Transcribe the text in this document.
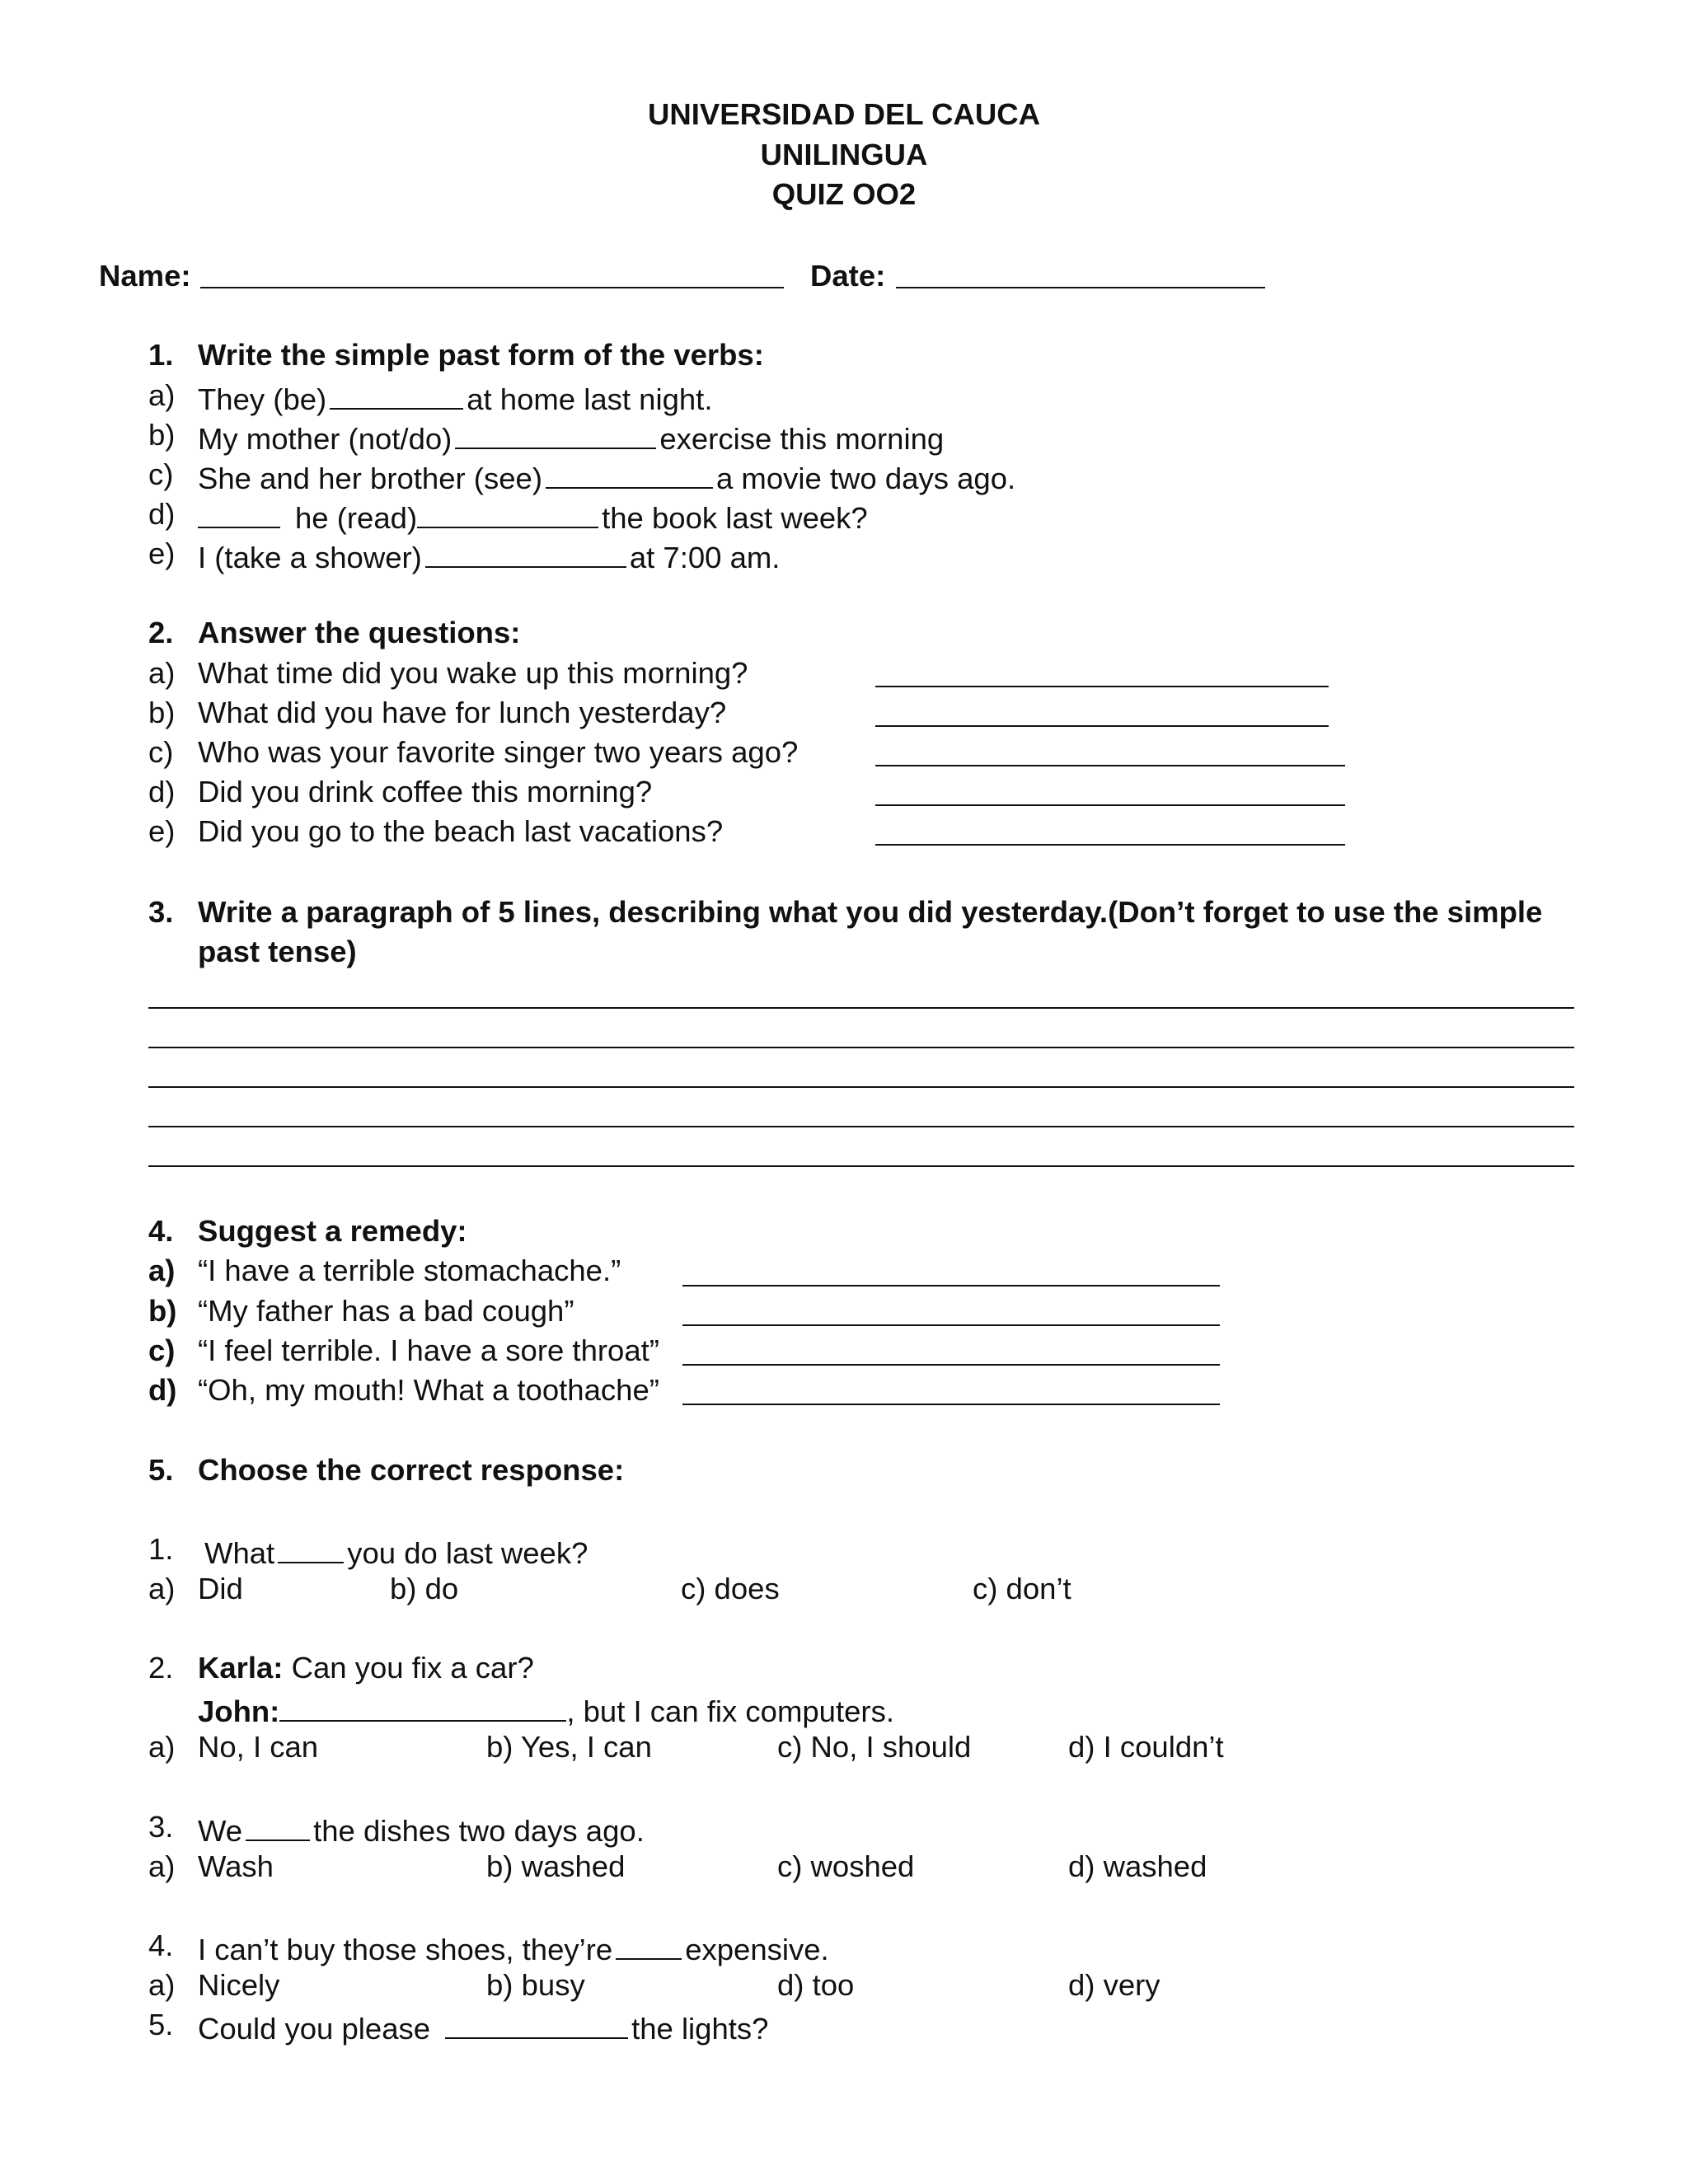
UNIVERSIDAD DEL CAUCA
UNILINGUA
QUIZ OO2
Name:	Date:
1. Write the simple past form of the verbs:
a) They (be)	at home last night.
b) My mother (not/do)	exercise this morning
c) She and her brother (see)	a movie two days ago.
d)	he (read)	the book last week?
e) I (take a shower)	at 7:00 am.
2. Answer the questions:
a) What time did you wake up this morning?
b) What did you have for lunch yesterday?
c) Who was your favorite singer two years ago?
d) Did you drink coffee this morning?
e) Did you go to the beach last vacations?
3. Write a paragraph of 5 lines, describing what you did yesterday.(Don’t forget to use the simple
past tense)
4. Suggest a remedy:
a) “I have a terrible stomachache.”
b) “My father has a bad cough”
c) “I feel terrible. I have a sore throat”
d) “Oh, my mouth! What a toothache”
5. Choose the correct response:
1. What you do last week?
a) Did	b) do	c) does	c) don’t
2. Karla: Can you fix a car?
John:	, but I can fix computers.
a) No, I can	b) Yes, I can	c) No, I should	d) I couldn’t
3. We the dishes two days ago.
a) Wash	b) washed	c) woshed	d) washed
4. I can’t buy those shoes, they’re expensive.
a) Nicely	b) busy	d) too	d) very
5. Could you please	the lights?
